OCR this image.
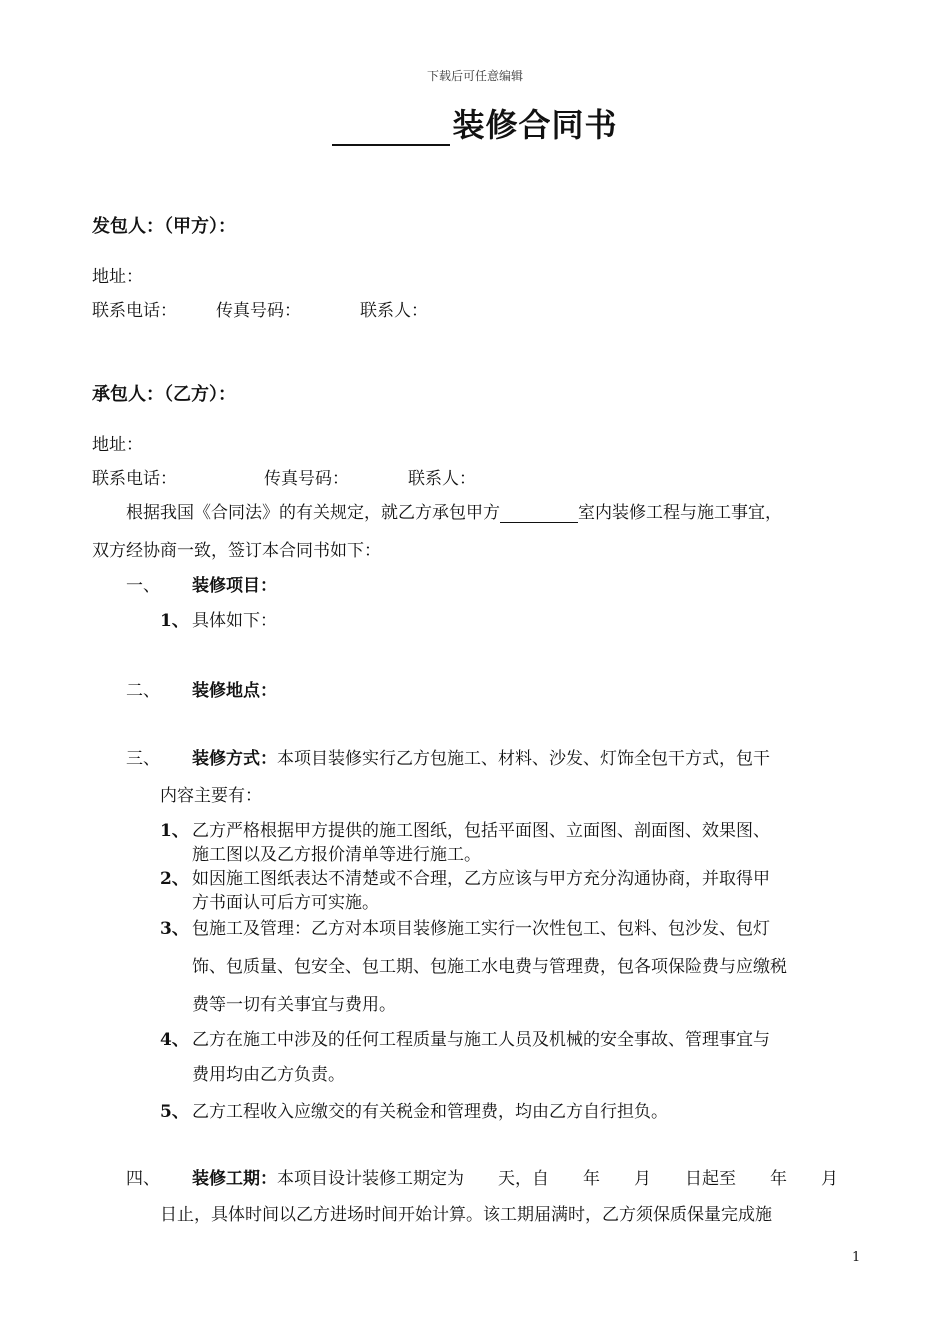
下载后可任意编辑
装修合同书
发包人：（甲方）：
地址：
联系电话： 传真号码：	联系人：
承包人：（乙方）：
地址：
联系电话：	传真号码：	联系人：
根据我国《合同法》的有关规定，就乙方承包甲方	室内装修工程与施工事宜，
双方经协商一致，签订本合同书如下：
一、 装修项目：
1、 具体如下：
二、 装修地点：
三、 装修方式：本项目装修实行乙方包施工、材料、沙发、灯饰全包干方式，包干
内容主要有：
1、 乙方严格根据甲方提供的施工图纸，包括平面图、立面图、剖面图、效果图、
施工图以及乙方报价清单等进行施工。
2、 如因施工图纸表达不清楚或不合理，乙方应该与甲方充分沟通协商，并取得甲
方书面认可后方可实施。
3、 包施工及管理：乙方对本项目装修施工实行一次性包工、包料、包沙发、包灯
饰、包质量、包安全、包工期、包施工水电费与管理费，包各项保险费与应缴税
费等一切有关事宜与费用。
4、 乙方在施工中涉及的任何工程质量与施工人员及机械的安全事故、管理事宜与
费用均由乙方负责。
5、 乙方工程收入应缴交的有关税金和管理费，均由乙方自行担负。
四、 装修工期：本项目设计装修工期定为　　天，自　　年　　月　　日起至　　年　　月
日止，具体时间以乙方进场时间开始计算。该工期届满时，乙方须保质保量完成施
1
